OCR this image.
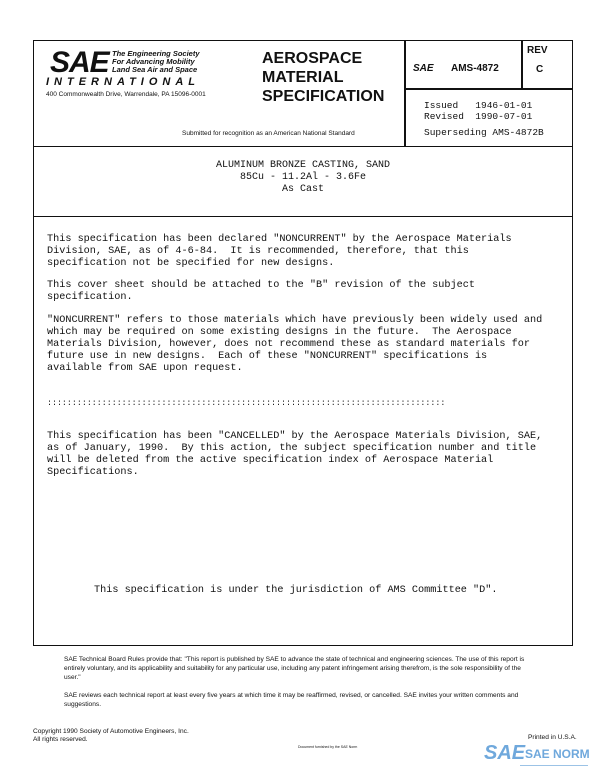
SAE The Engineering Society
For Advancing Mobility
Land Sea Air and Space
INTERNATIONAL
400 Commonwealth Drive, Warrendale, PA 15096-0001
AEROSPACE
MATERIAL
SPECIFICATION
Submitted for recognition as an American National Standard
SAE AMS-4872
REV
C
Issued   1946-01-01
Revised  1990-07-01
Superseding AMS-4872B
ALUMINUM BRONZE CASTING, SAND
85Cu - 11.2Al - 3.6Fe
As Cast
This specification has been declared "NONCURRENT" by the Aerospace Materials
Division, SAE, as of 4-6-84.  It is recommended, therefore, that this
specification not be specified for new designs.
This cover sheet should be attached to the "B" revision of the subject
specification.
"NONCURRENT" refers to those materials which have previously been widely used and
which may be required on some existing designs in the future.  The Aerospace
Materials Division, however, does not recommend these as standard materials for
future use in new designs.  Each of these "NONCURRENT" specifications is
available from SAE upon request.
::::::::::::::::::::::::::::::::::::::::::::::::::::::::::::::::::::::::::::::::
This specification has been "CANCELLED" by the Aerospace Materials Division, SAE,
as of January, 1990.  By this action, the subject specification number and title
will be deleted from the active specification index of Aerospace Material
Specifications.
This specification is under the jurisdiction of AMS Committee "D".
SAE Technical Board Rules provide that: "This report is published by SAE to advance the state of technical and engineering sciences. The use of this report is entirely voluntary, and its applicability and suitability for any particular use, including any patent infringement arising therefrom, is the sole responsibility of the user."
SAE reviews each technical report at least every five years at which time it may be reaffirmed, revised, or cancelled. SAE invites your written comments and suggestions.
Copyright 1990 Society of Automotive Engineers, Inc.
All rights reserved.	Printed in U.S.A.
Document furnished by the SAE Norm	SAE SAE NORM
